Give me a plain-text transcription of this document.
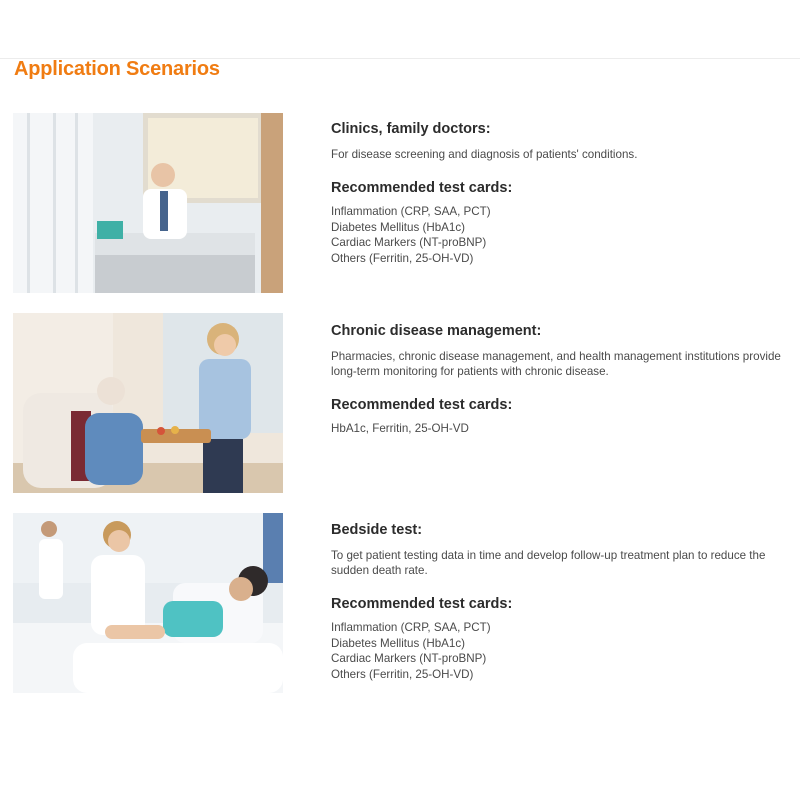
Application Scenarios
Clinics, family doctors:

For disease screening and diagnosis of patients' conditions.

Recommended test cards:
Inflammation (CRP, SAA, PCT)
Diabetes Mellitus (HbA1c)
Cardiac Markers (NT-proBNP)
Others (Ferritin, 25-OH-VD)
Chronic disease management:

Pharmacies, chronic disease management, and health management institutions provide long-term monitoring for patients with chronic disease.

Recommended test cards:
HbA1c, Ferritin, 25-OH-VD
Bedside test:

To get patient testing data in time and develop follow-up treatment plan to reduce the sudden death rate.

Recommended test cards:
Inflammation (CRP, SAA, PCT)
Diabetes Mellitus (HbA1c)
Cardiac Markers (NT-proBNP)
Others (Ferritin, 25-OH-VD)
